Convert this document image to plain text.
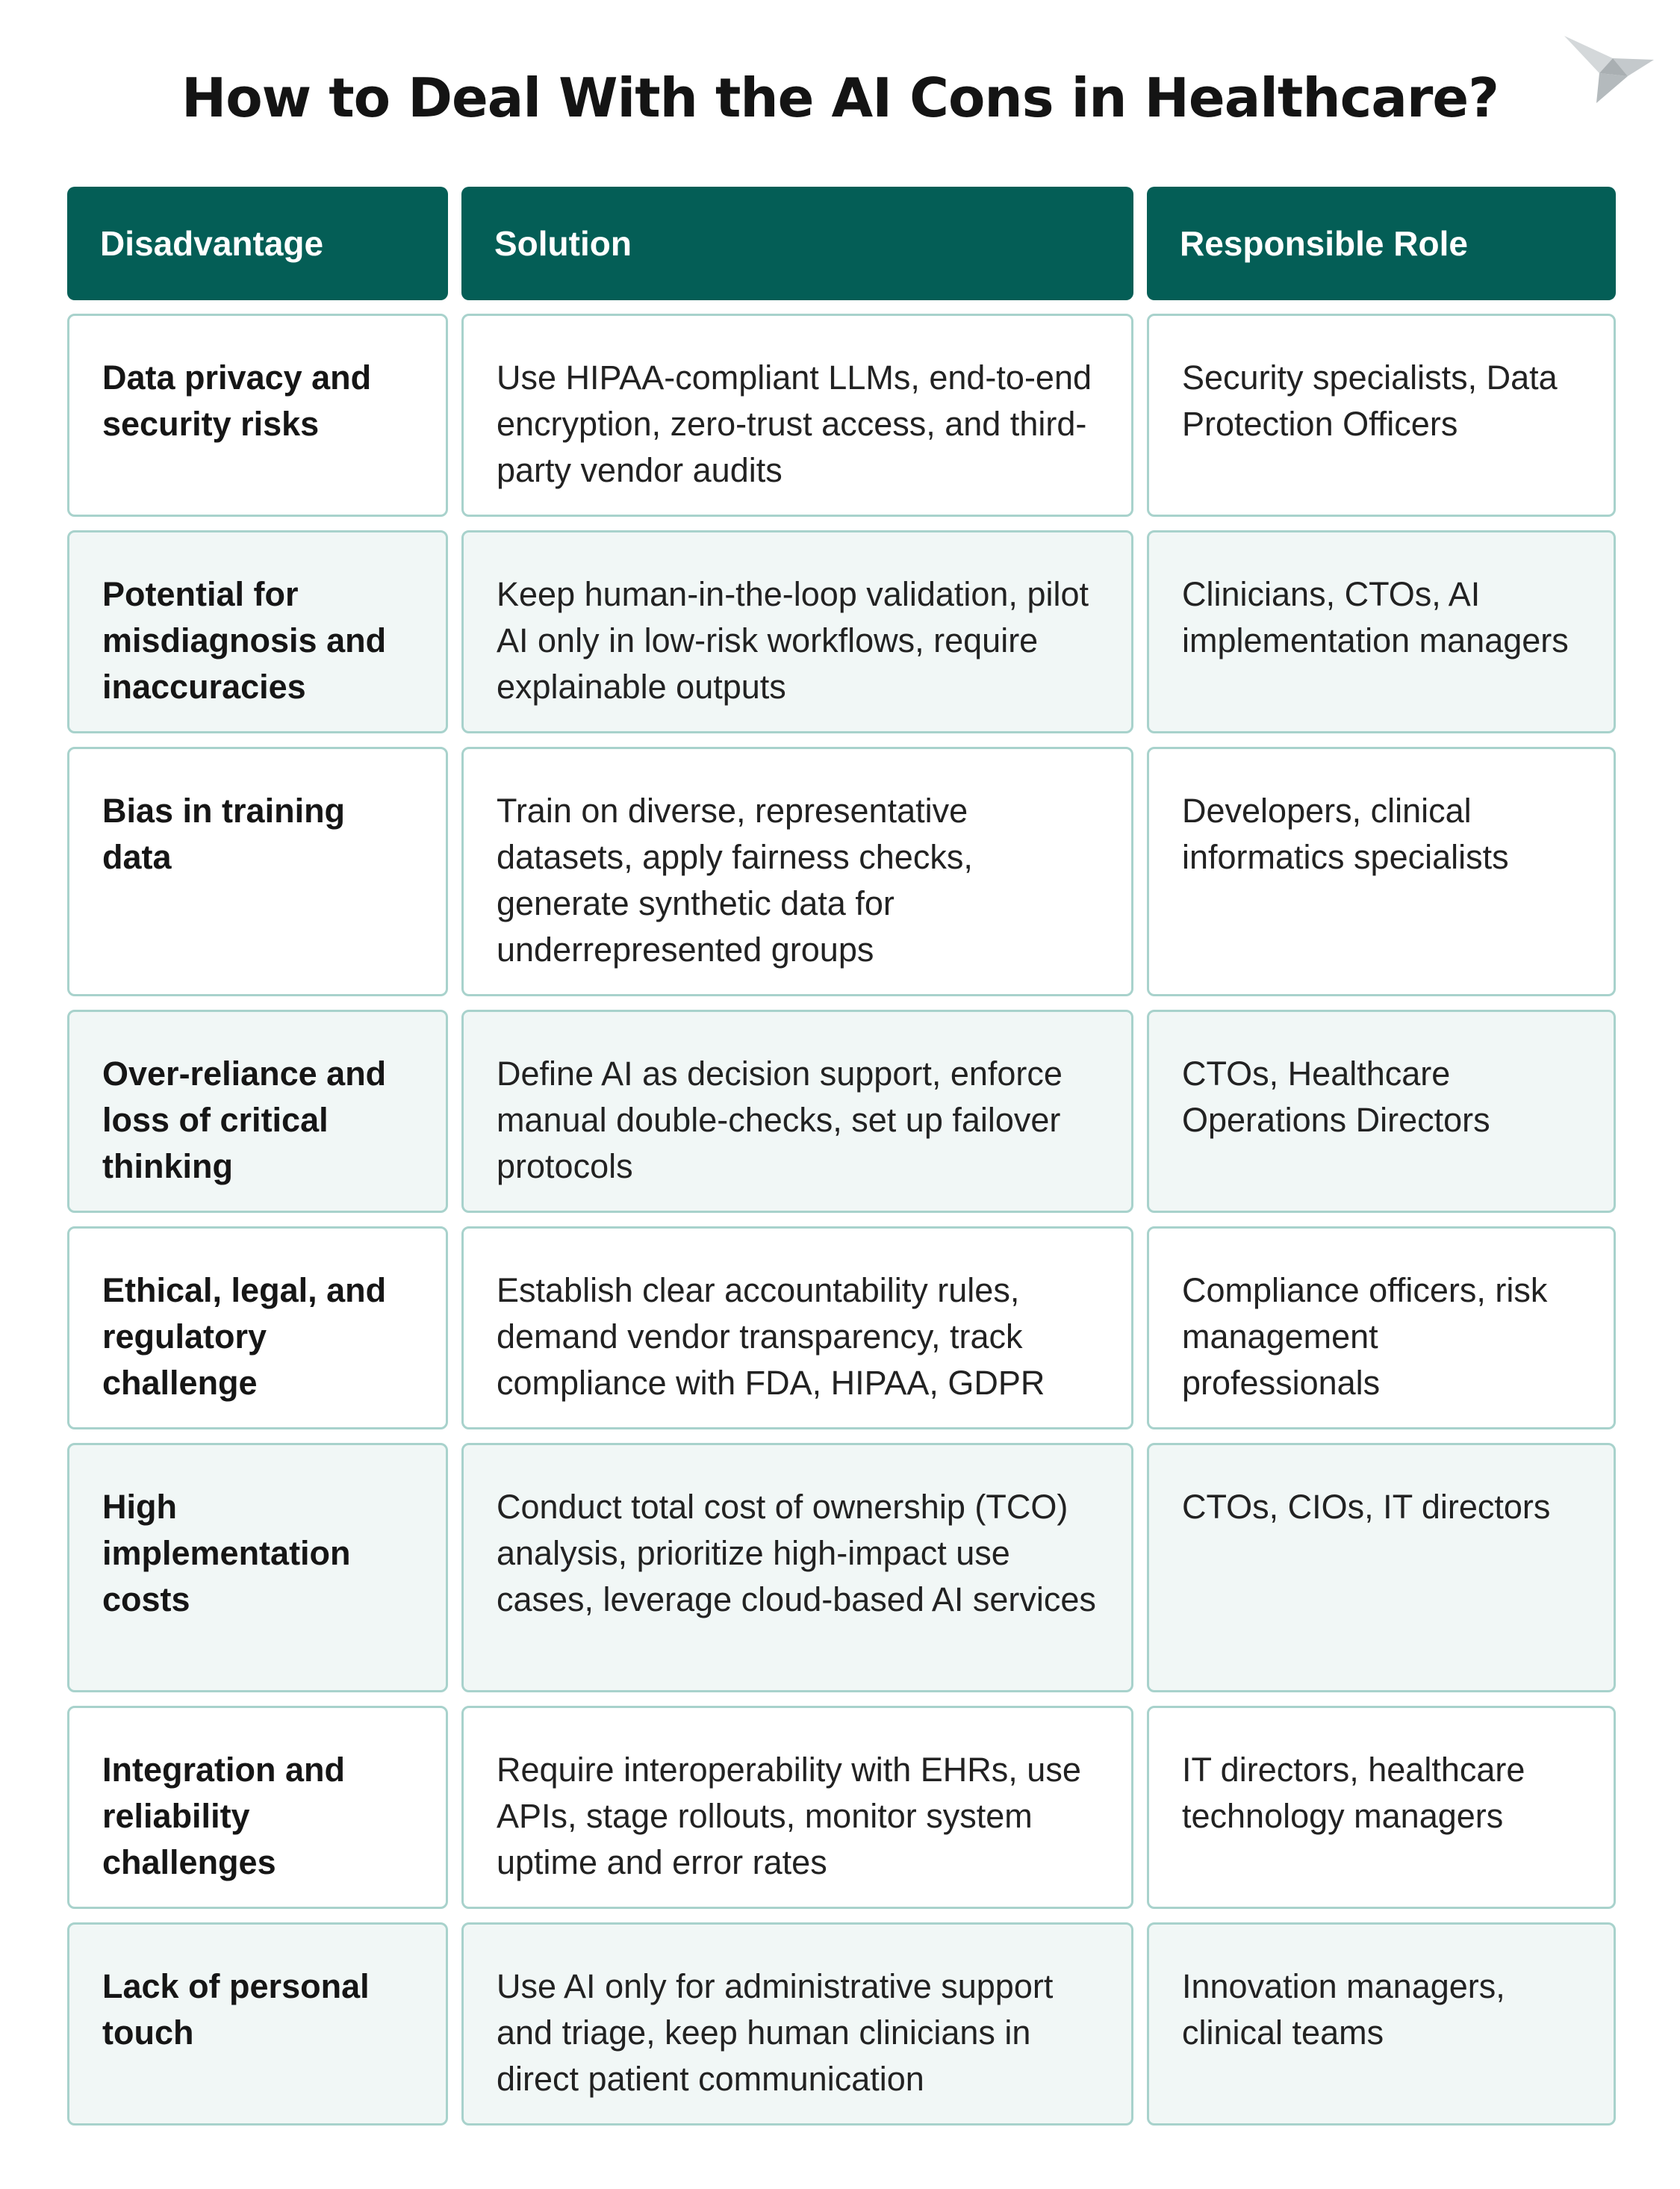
How to Deal With the AI Cons in Healthcare?
Disadvantage	Solution	Responsible Role
Data privacy and security risks
Use HIPAA-compliant LLMs, end-to-end encryption, zero-trust access, and third-party vendor audits
Security specialists, Data Protection Officers
Potential for misdiagnosis and inaccuracies
Keep human-in-the-loop validation, pilot AI only in low-risk workflows, require explainable outputs
Clinicians, CTOs, AI implementation managers
Bias in training data
Train on diverse, representative datasets, apply fairness checks, generate synthetic data for underrepresented groups
Developers, clinical informatics specialists
Over-reliance and loss of critical thinking
Define AI as decision support, enforce manual double-checks, set up failover protocols
CTOs, Healthcare Operations Directors
Ethical, legal, and regulatory challenge
Establish clear accountability rules, demand vendor transparency, track compliance with FDA, HIPAA, GDPR
Compliance officers, risk management professionals
High implementation costs
Conduct total cost of ownership (TCO) analysis, prioritize high-impact use cases, leverage cloud-based AI services
CTOs, CIOs, IT directors
Integration and reliability challenges
Require interoperability with EHRs, use APIs, stage rollouts, monitor system uptime and error rates
IT directors, healthcare technology managers
Lack of personal touch
Use AI only for administrative support and triage, keep human clinicians in direct patient communication
Innovation managers, clinical teams
